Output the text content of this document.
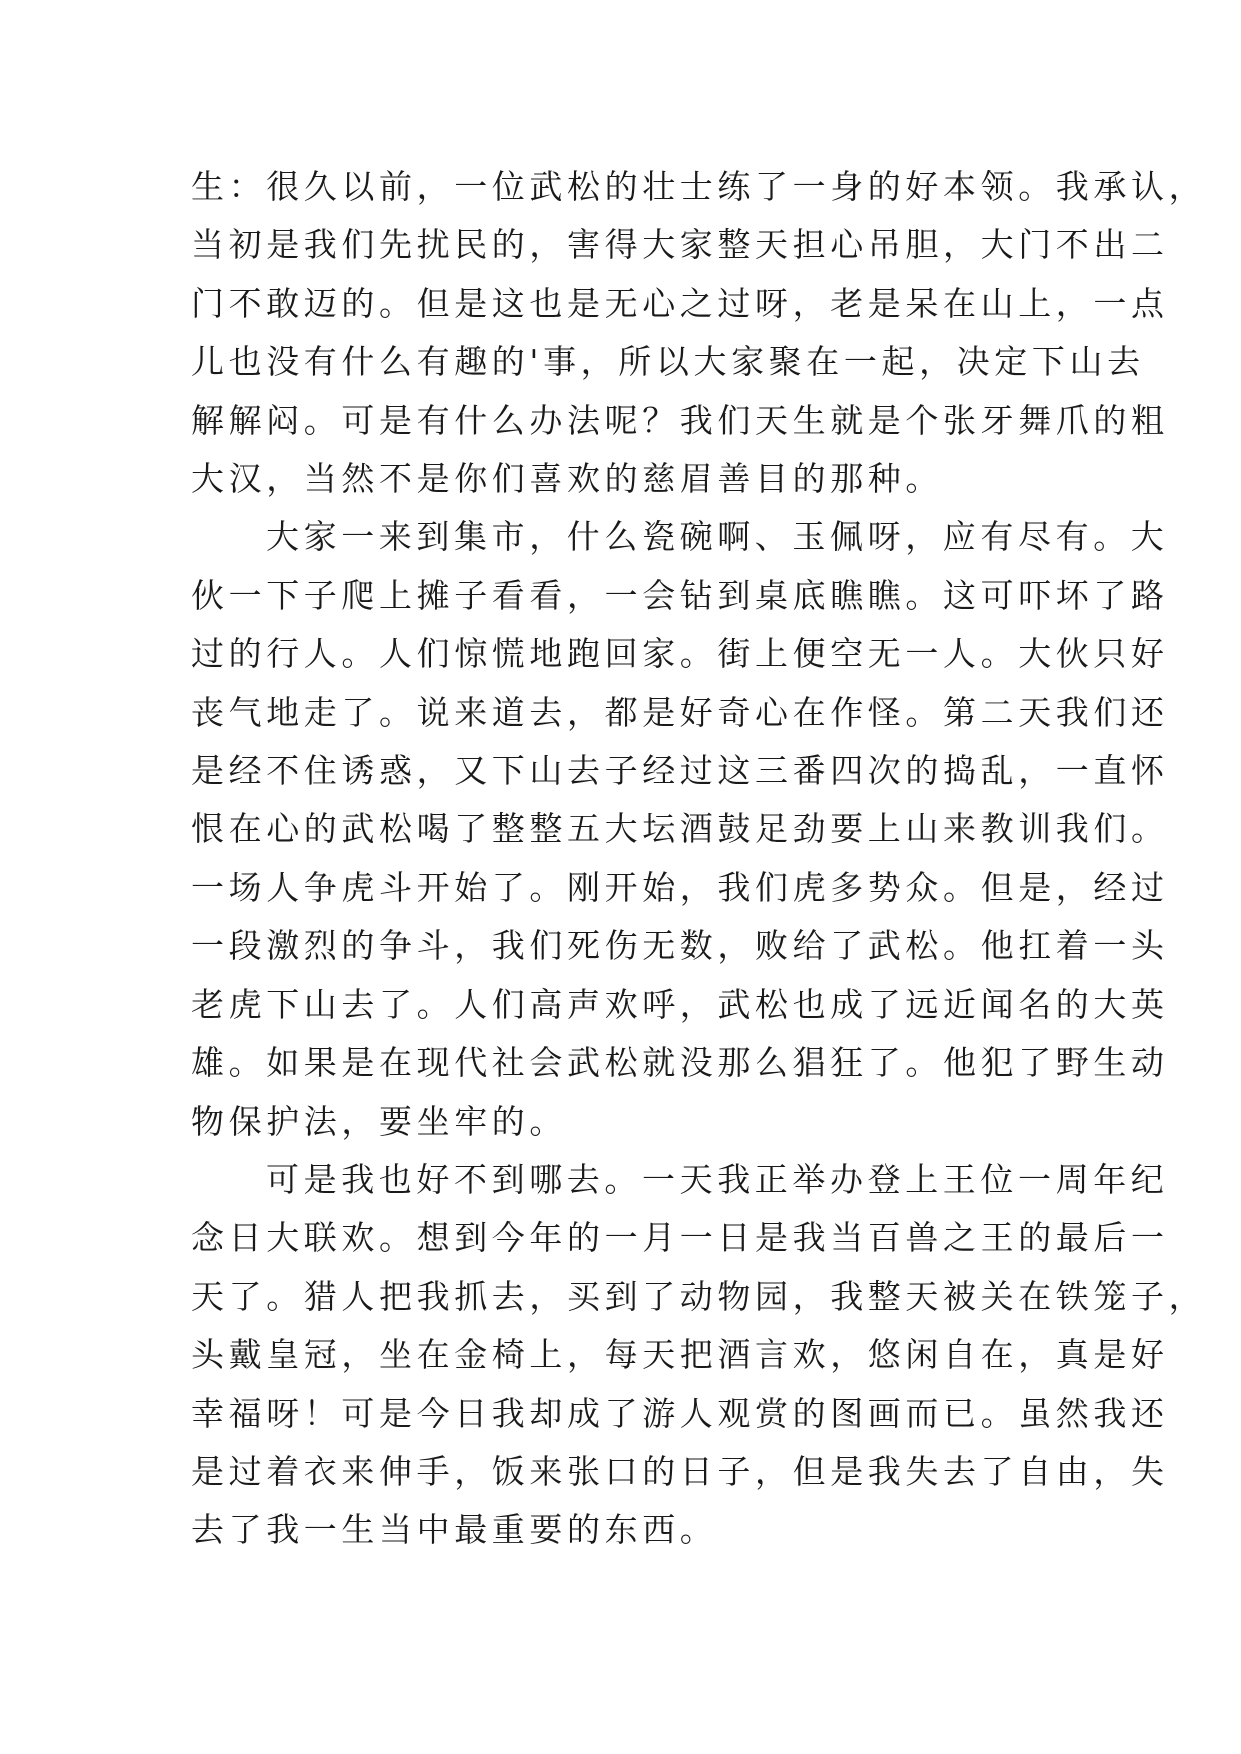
生：很久以前，一位武松的壮士练了一身的好本领。我承认，
当初是我们先扰民的，害得大家整天担心吊胆，大门不出二
门不敢迈的。但是这也是无心之过呀，老是呆在山上，一点
儿也没有什么有趣的'事，所以大家聚在一起，决定下山去
解解闷。可是有什么办法呢？我们天生就是个张牙舞爪的粗
大汉，当然不是你们喜欢的慈眉善目的那种。

大家一来到集市，什么瓷碗啊、玉佩呀，应有尽有。大
伙一下子爬上摊子看看，一会钻到桌底瞧瞧。这可吓坏了路
过的行人。人们惊慌地跑回家。街上便空无一人。大伙只好
丧气地走了。说来道去，都是好奇心在作怪。第二天我们还
是经不住诱惑，又下山去子经过这三番四次的捣乱，一直怀
恨在心的武松喝了整整五大坛酒鼓足劲要上山来教训我们。
一场人争虎斗开始了。刚开始，我们虎多势众。但是，经过
一段激烈的争斗，我们死伤无数，败给了武松。他扛着一头
老虎下山去了。人们高声欢呼，武松也成了远近闻名的大英
雄。如果是在现代社会武松就没那么猖狂了。他犯了野生动
物保护法，要坐牢的。

可是我也好不到哪去。一天我正举办登上王位一周年纪
念日大联欢。想到今年的一月一日是我当百兽之王的最后一
天了。猎人把我抓去，买到了动物园，我整天被关在铁笼子，
头戴皇冠，坐在金椅上，每天把酒言欢，悠闲自在，真是好
幸福呀！可是今日我却成了游人观赏的图画而已。虽然我还
是过着衣来伸手，饭来张口的日子，但是我失去了自由，失
去了我一生当中最重要的东西。
